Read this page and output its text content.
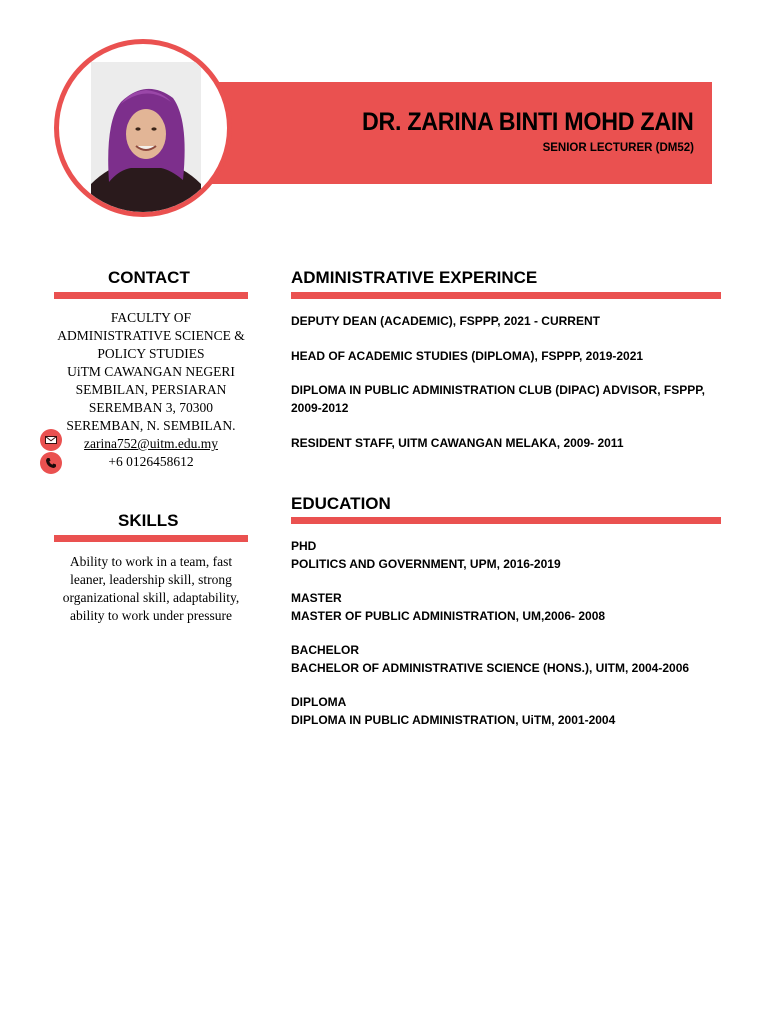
DR. ZARINA BINTI MOHD ZAIN
SENIOR LECTURER (DM52)
CONTACT
FACULTY OF
ADMINISTRATIVE SCIENCE &
POLICY STUDIES
UiTM CAWANGAN NEGERI
SEMBILAN, PERSIARAN
SEREMBAN 3, 70300
SEREMBAN, N. SEMBILAN.
zarina752@uitm.edu.my
+6 0126458612
SKILLS
Ability to work in a team, fast leaner, leadership skill, strong organizational skill, adaptability, ability to work under pressure
ADMINISTRATIVE EXPERINCE
DEPUTY DEAN (ACADEMIC), FSPPP, 2021 - CURRENT
HEAD OF ACADEMIC STUDIES (DIPLOMA), FSPPP, 2019-2021
DIPLOMA IN PUBLIC ADMINISTRATION CLUB (DIPAC) ADVISOR, FSPPP, 2009-2012
RESIDENT STAFF, UITM CAWANGAN MELAKA, 2009- 2011
EDUCATION
PHD
POLITICS AND GOVERNMENT, UPM, 2016-2019
MASTER
MASTER OF PUBLIC ADMINISTRATION, UM,2006- 2008
BACHELOR
BACHELOR OF ADMINISTRATIVE SCIENCE (HONS.), UITM, 2004-2006
DIPLOMA
DIPLOMA IN PUBLIC ADMINISTRATION, UiTM, 2001-2004
